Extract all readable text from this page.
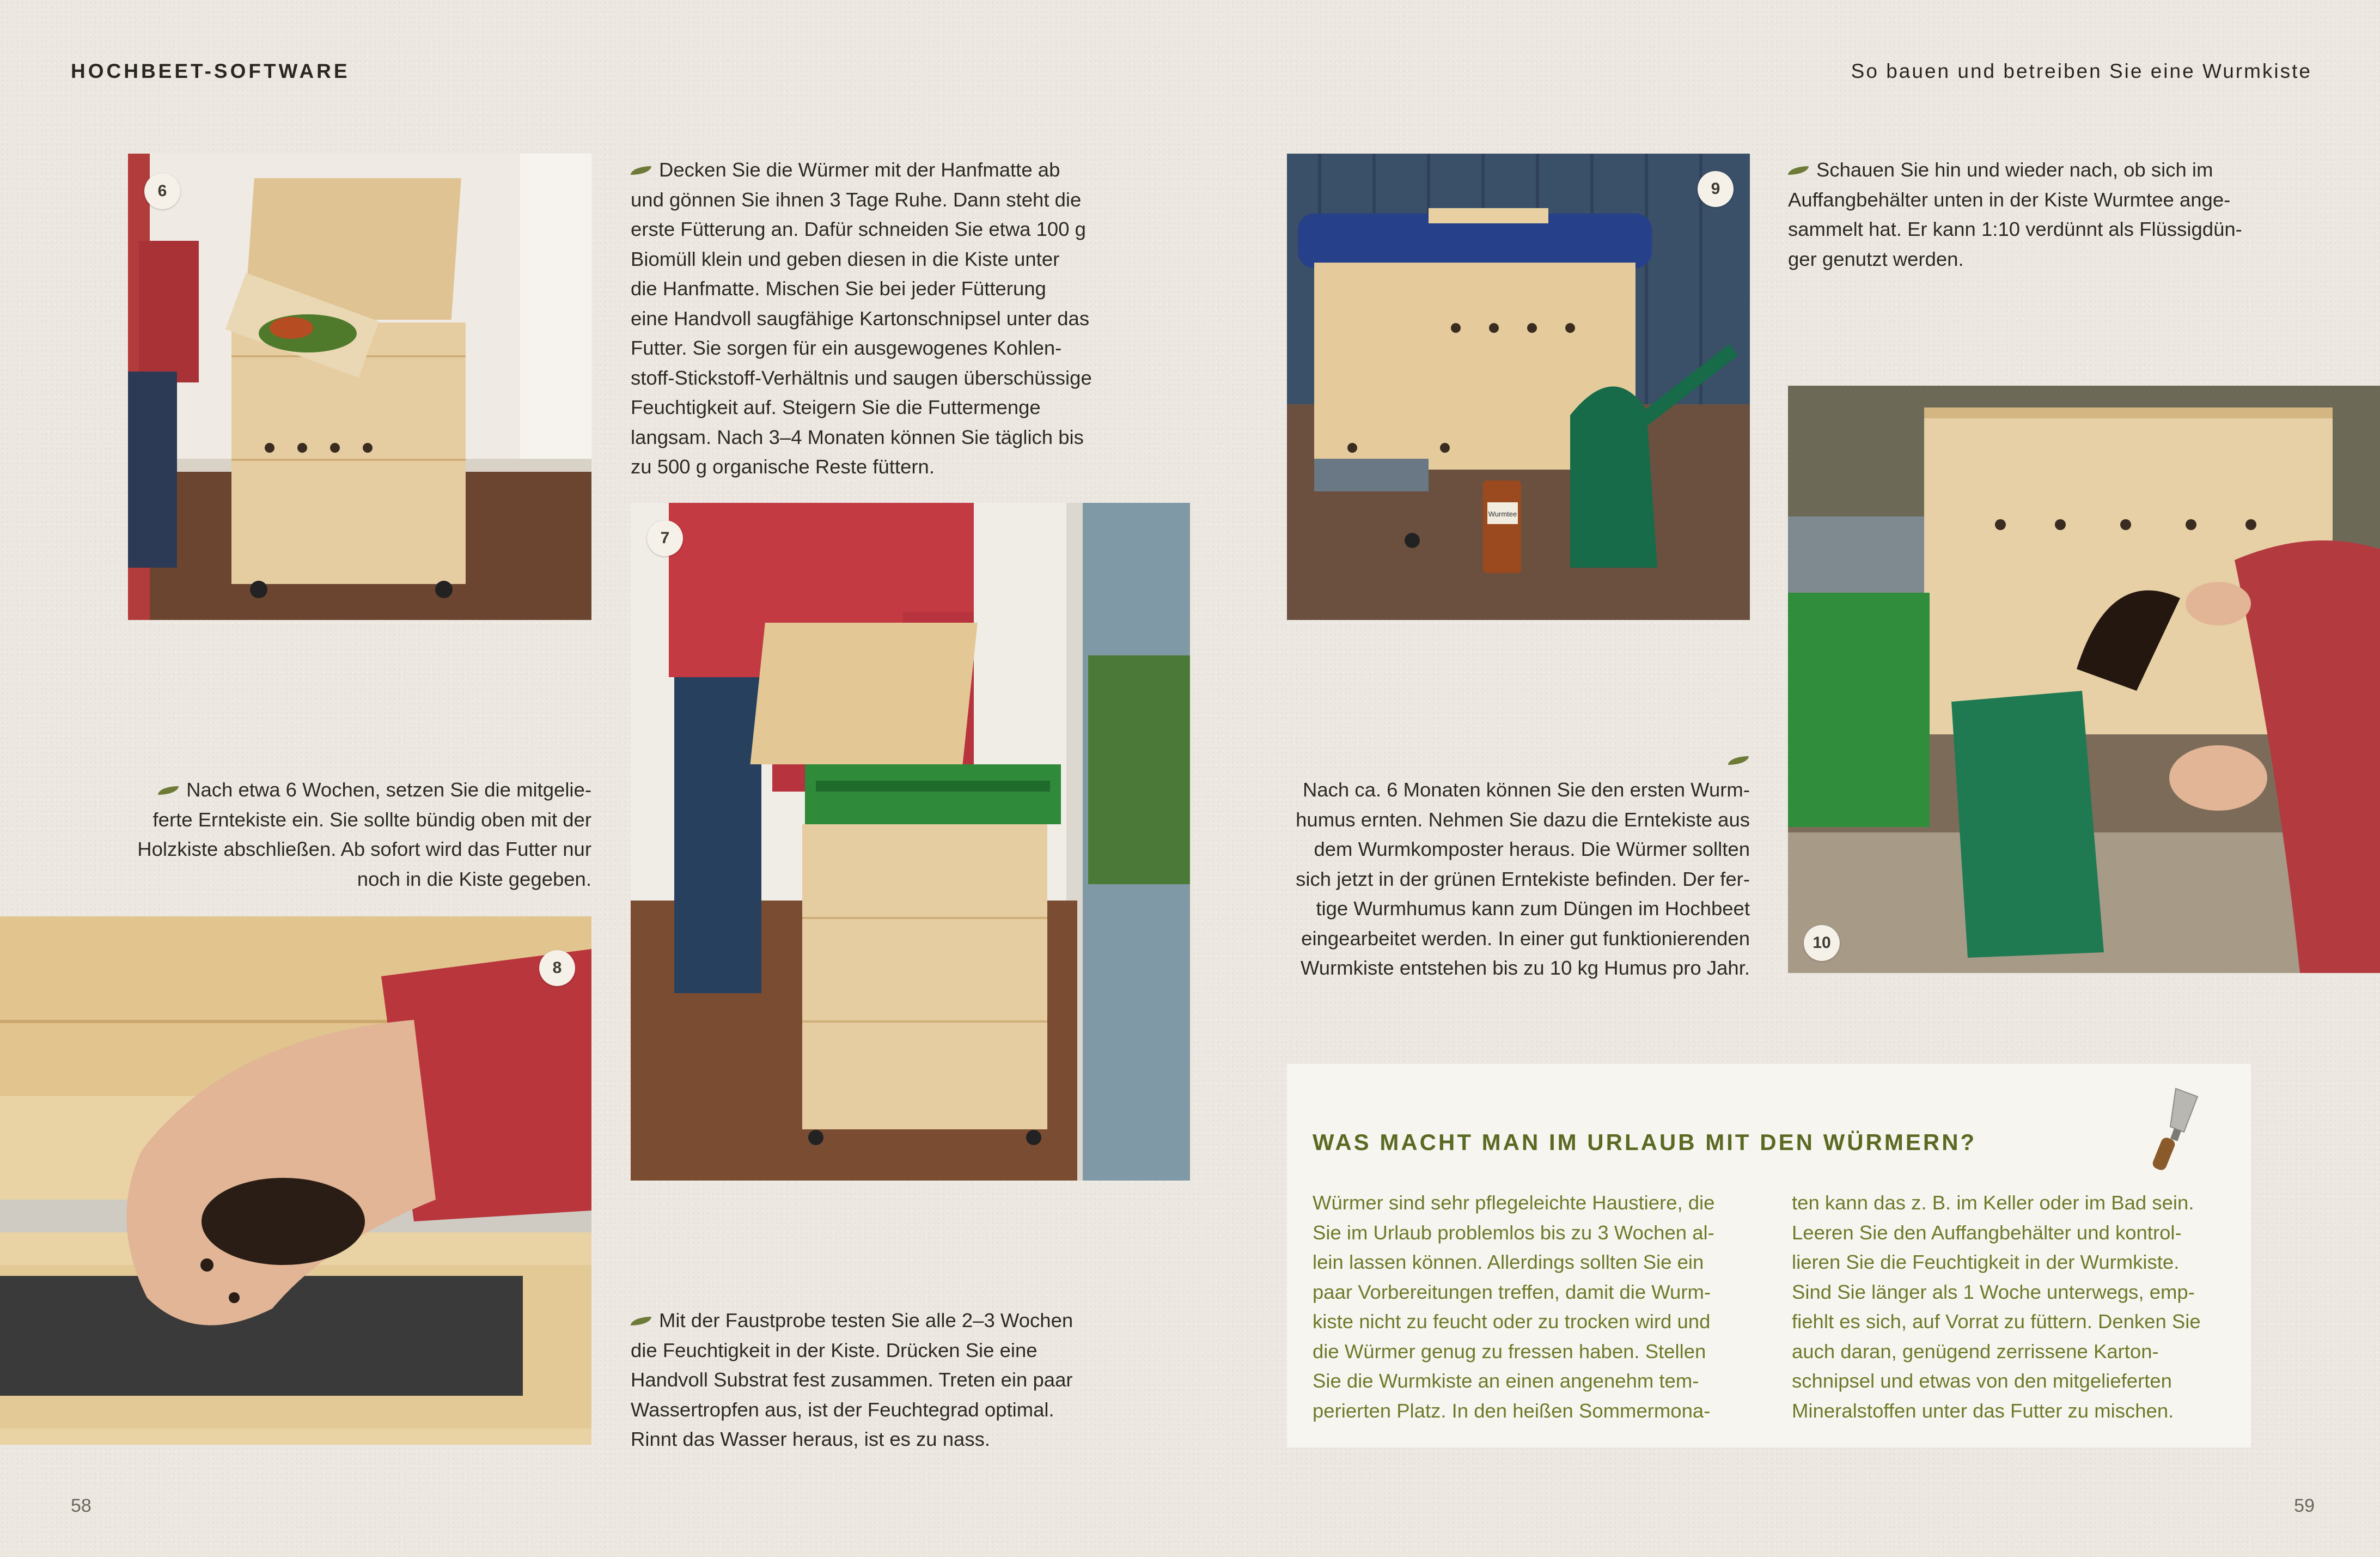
HOCHBEET-SOFTWARE	So bauen und betreiben Sie eine Wurmkiste
6
7
8
Wurmtee
9
10
Decken Sie die Würmer mit der Hanfmatte ab
und gönnen Sie ihnen 3 Tage Ruhe. Dann steht die
erste Fütterung an. Dafür schneiden Sie etwa 100 g
Biomüll klein und geben diesen in die Kiste unter
die Hanfmatte. Mischen Sie bei jeder Fütterung
eine Handvoll saugfähige Kartonschnipsel unter das
Futter. Sie sorgen für ein ausgewogenes Kohlen-
stoff-Stickstoff-Verhältnis und saugen überschüssige
Feuchtigkeit auf. Steigern Sie die Futtermenge
langsam. Nach 3–4 Monaten können Sie täglich bis
zu 500 g organische Reste füttern.
Nach etwa 6 Wochen, setzen Sie die mitgelie-
ferte Erntekiste ein. Sie sollte bündig oben mit der
Holzkiste abschließen. Ab sofort wird das Futter nur
noch in die Kiste gegeben.
Mit der Faustprobe testen Sie alle 2–3 Wochen
die Feuchtigkeit in der Kiste. Drücken Sie eine
Handvoll Substrat fest zusammen. Treten ein paar
Wassertropfen aus, ist der Feuchtegrad optimal.
Rinnt das Wasser heraus, ist es zu nass.
Schauen Sie hin und wieder nach, ob sich im
Auffangbehälter unten in der Kiste Wurmtee ange-
sammelt hat. Er kann 1:10 verdünnt als Flüssigdün-
ger genutzt werden.
Nach ca. 6 Monaten können Sie den ersten Wurm-
humus ernten. Nehmen Sie dazu die Erntekiste aus
dem Wurmkomposter heraus. Die Würmer sollten
sich jetzt in der grünen Erntekiste befinden. Der fer-
tige Wurmhumus kann zum Düngen im Hochbeet
eingearbeitet werden. In einer gut funktionierenden
Wurmkiste entstehen bis zu 10 kg Humus pro Jahr.
WAS MACHT MAN IM URLAUB MIT DEN WÜRMERN?
Würmer sind sehr pflegeleichte Haustiere, die
Sie im Urlaub problemlos bis zu 3 Wochen al-
lein lassen können. Allerdings sollten Sie ein
paar Vorbereitungen treffen, damit die Wurm-
kiste nicht zu feucht oder zu trocken wird und
die Würmer genug zu fressen haben. Stellen
Sie die Wurmkiste an einen angenehm tem-
perierten Platz. In den heißen Sommermona-
ten kann das z. B. im Keller oder im Bad sein.
Leeren Sie den Auffangbehälter und kontrol-
lieren Sie die Feuchtigkeit in der Wurmkiste.
Sind Sie länger als 1 Woche unterwegs, emp-
fiehlt es sich, auf Vorrat zu füttern. Denken Sie
auch daran, genügend zerrissene Karton-
schnipsel und etwas von den mitgelieferten
Mineralstoffen unter das Futter zu mischen.
58	59
